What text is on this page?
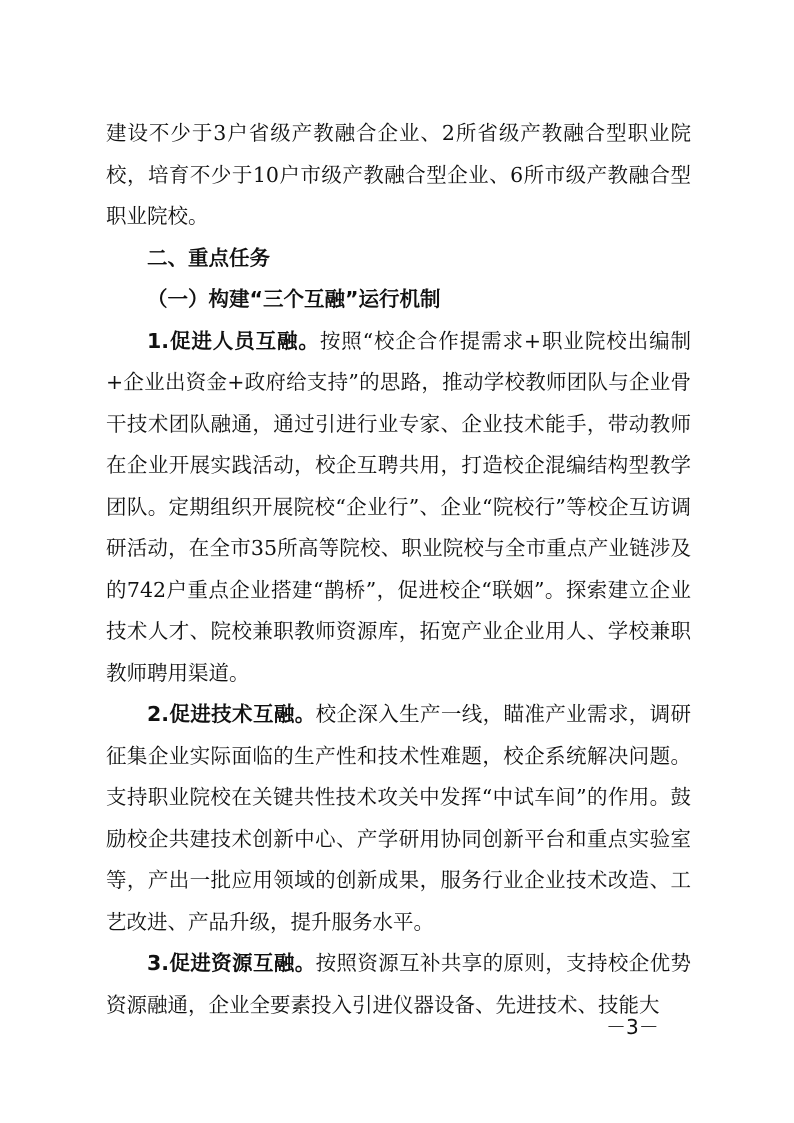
建设不少于3户省级产教融合企业、2所省级产教融合型职业院校，培育不少于10户市级产教融合型企业、6所市级产教融合型职业院校。

二、重点任务

（一）构建“三个互融”运行机制

1.促进人员互融。按照“校企合作提需求+职业院校出编制+企业出资金+政府给支持”的思路，推动学校教师团队与企业骨干技术团队融通，通过引进行业专家、企业技术能手，带动教师在企业开展实践活动，校企互聘共用，打造校企混编结构型教学团队。定期组织开展院校“企业行”、企业“院校行”等校企互访调研活动，在全市35所高等院校、职业院校与全市重点产业链涉及的742户重点企业搭建“鹊桥”，促进校企“联姻”。探索建立企业技术人才、院校兼职教师资源库，拓宽产业企业用人、学校兼职教师聘用渠道。

2.促进技术互融。校企深入生产一线，瞄准产业需求，调研征集企业实际面临的生产性和技术性难题，校企系统解决问题。支持职业院校在关键共性技术攻关中发挥“中试车间”的作用。鼓励校企共建技术创新中心、产学研用协同创新平台和重点实验室等，产出一批应用领域的创新成果，服务行业企业技术改造、工艺改进、产品升级，提升服务水平。

3.促进资源互融。按照资源互补共享的原则，支持校企优势资源融通，企业全要素投入引进仪器设备、先进技术、技能大

－3－
